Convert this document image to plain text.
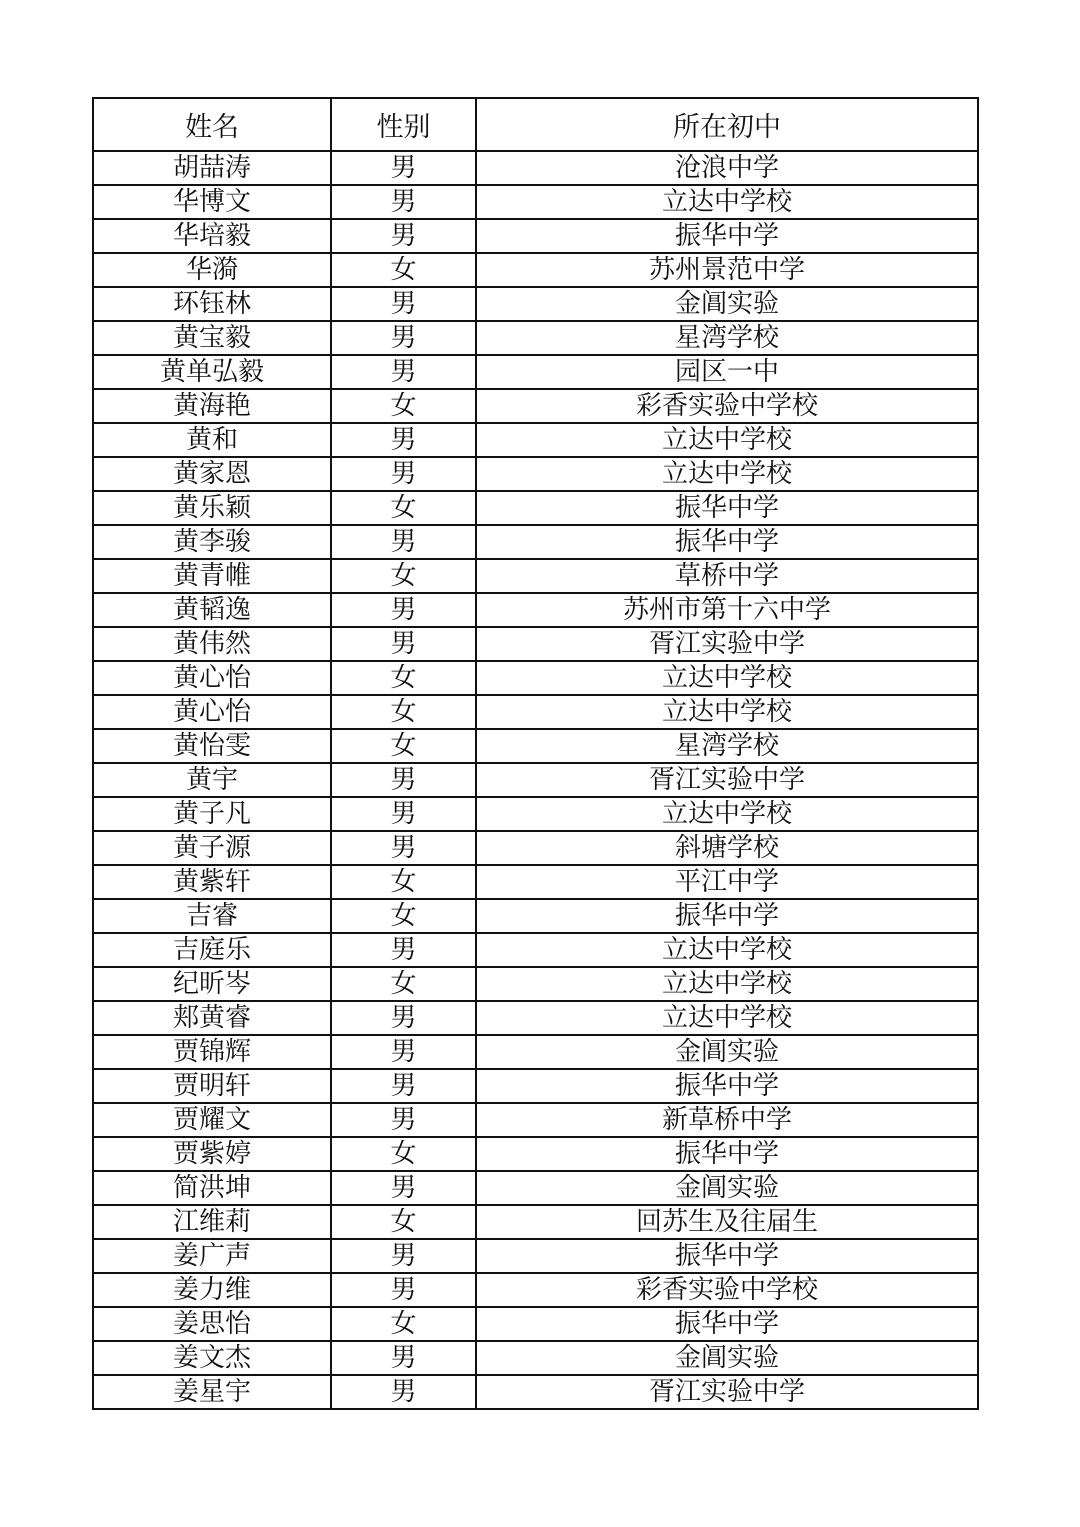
姓名	性别	所在初中
胡喆涛	男	沧浪中学
华博文	男	立达中学校
华培毅	男	振华中学
华漪	女	苏州景范中学
环钰林	男	金阊实验
黄宝毅	男	星湾学校
黄单弘毅	男	园区一中
黄海艳	女	彩香实验中学校
黄和	男	立达中学校
黄家恩	男	立达中学校
黄乐颖	女	振华中学
黄李骏	男	振华中学
黄青帷	女	草桥中学
黄韬逸	男	苏州市第十六中学
黄伟然	男	胥江实验中学
黄心怡	女	立达中学校
黄心怡	女	立达中学校
黄怡雯	女	星湾学校
黄宇	男	胥江实验中学
黄子凡	男	立达中学校
黄子源	男	斜塘学校
黄紫轩	女	平江中学
吉睿	女	振华中学
吉庭乐	男	立达中学校
纪昕岑	女	立达中学校
郏黄睿	男	立达中学校
贾锦辉	男	金阊实验
贾明轩	男	振华中学
贾耀文	男	新草桥中学
贾紫婷	女	振华中学
简洪坤	男	金阊实验
江维莉	女	回苏生及往届生
姜广声	男	振华中学
姜力维	男	彩香实验中学校
姜思怡	女	振华中学
姜文杰	男	金阊实验
姜星宇	男	胥江实验中学
